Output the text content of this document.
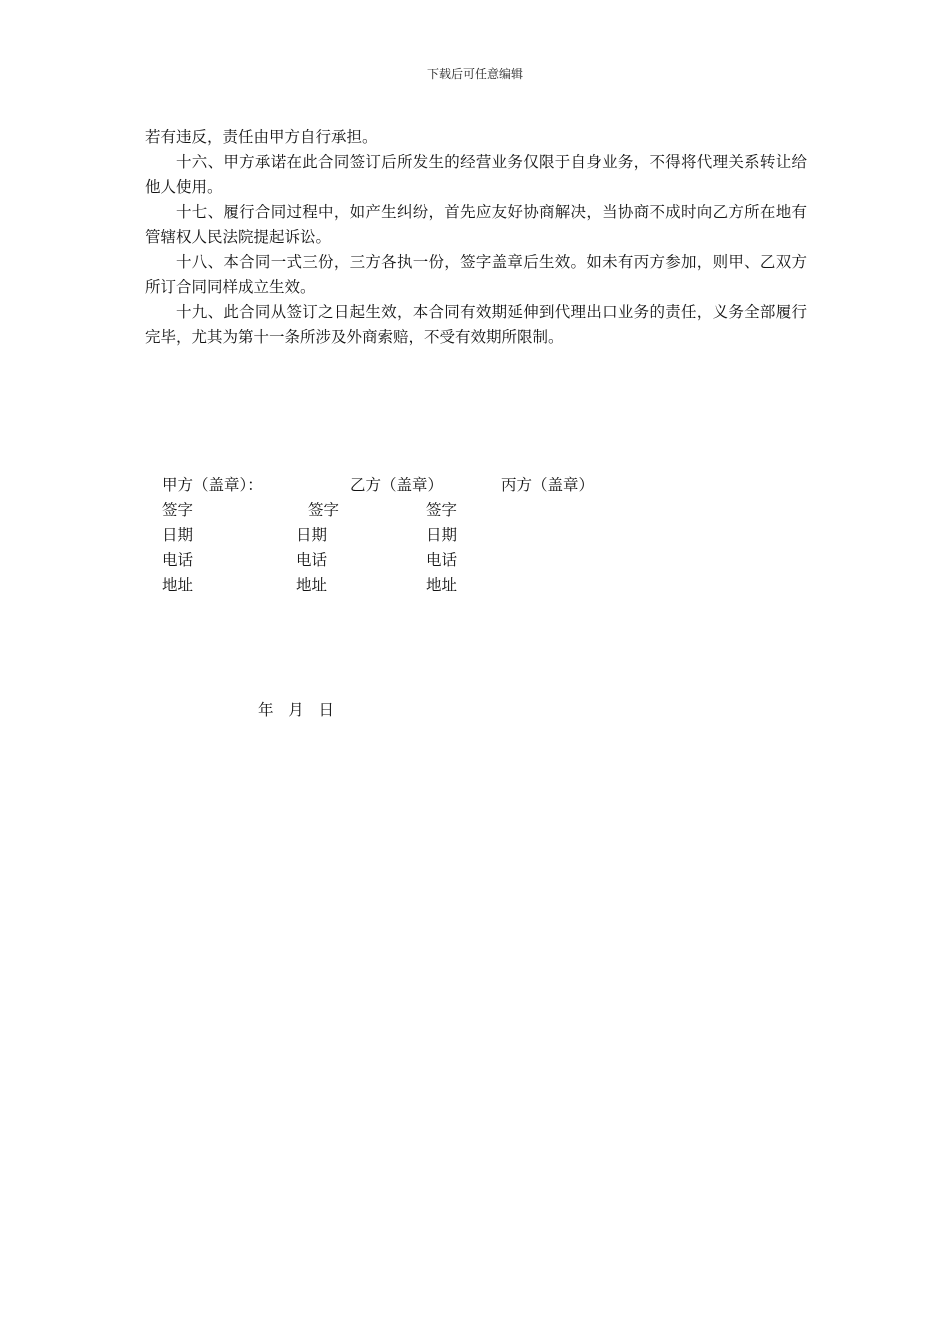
下载后可任意编辑

若有违反，责任由甲方自行承担。

十六、甲方承诺在此合同签订后所发生的经营业务仅限于自身业务，不得将代理关系转让给他人使用。

十七、履行合同过程中，如产生纠纷，首先应友好协商解决，当协商不成时向乙方所在地有管辖权人民法院提起诉讼。

十八、本合同一式三份，三方各执一份，签字盖章后生效。如未有丙方参加，则甲、乙双方所订合同同样成立生效。

十九、此合同从签订之日起生效，本合同有效期延伸到代理出口业务的责任，义务全部履行完毕，尤其为第十一条所涉及外商索赔，不受有效期所限制。

甲方（盖章）：	乙方（盖章）	丙方（盖章）
签字	签字	签字
日期	日期	日期
电话	电话	电话
地址	地址	地址
年   月   日
